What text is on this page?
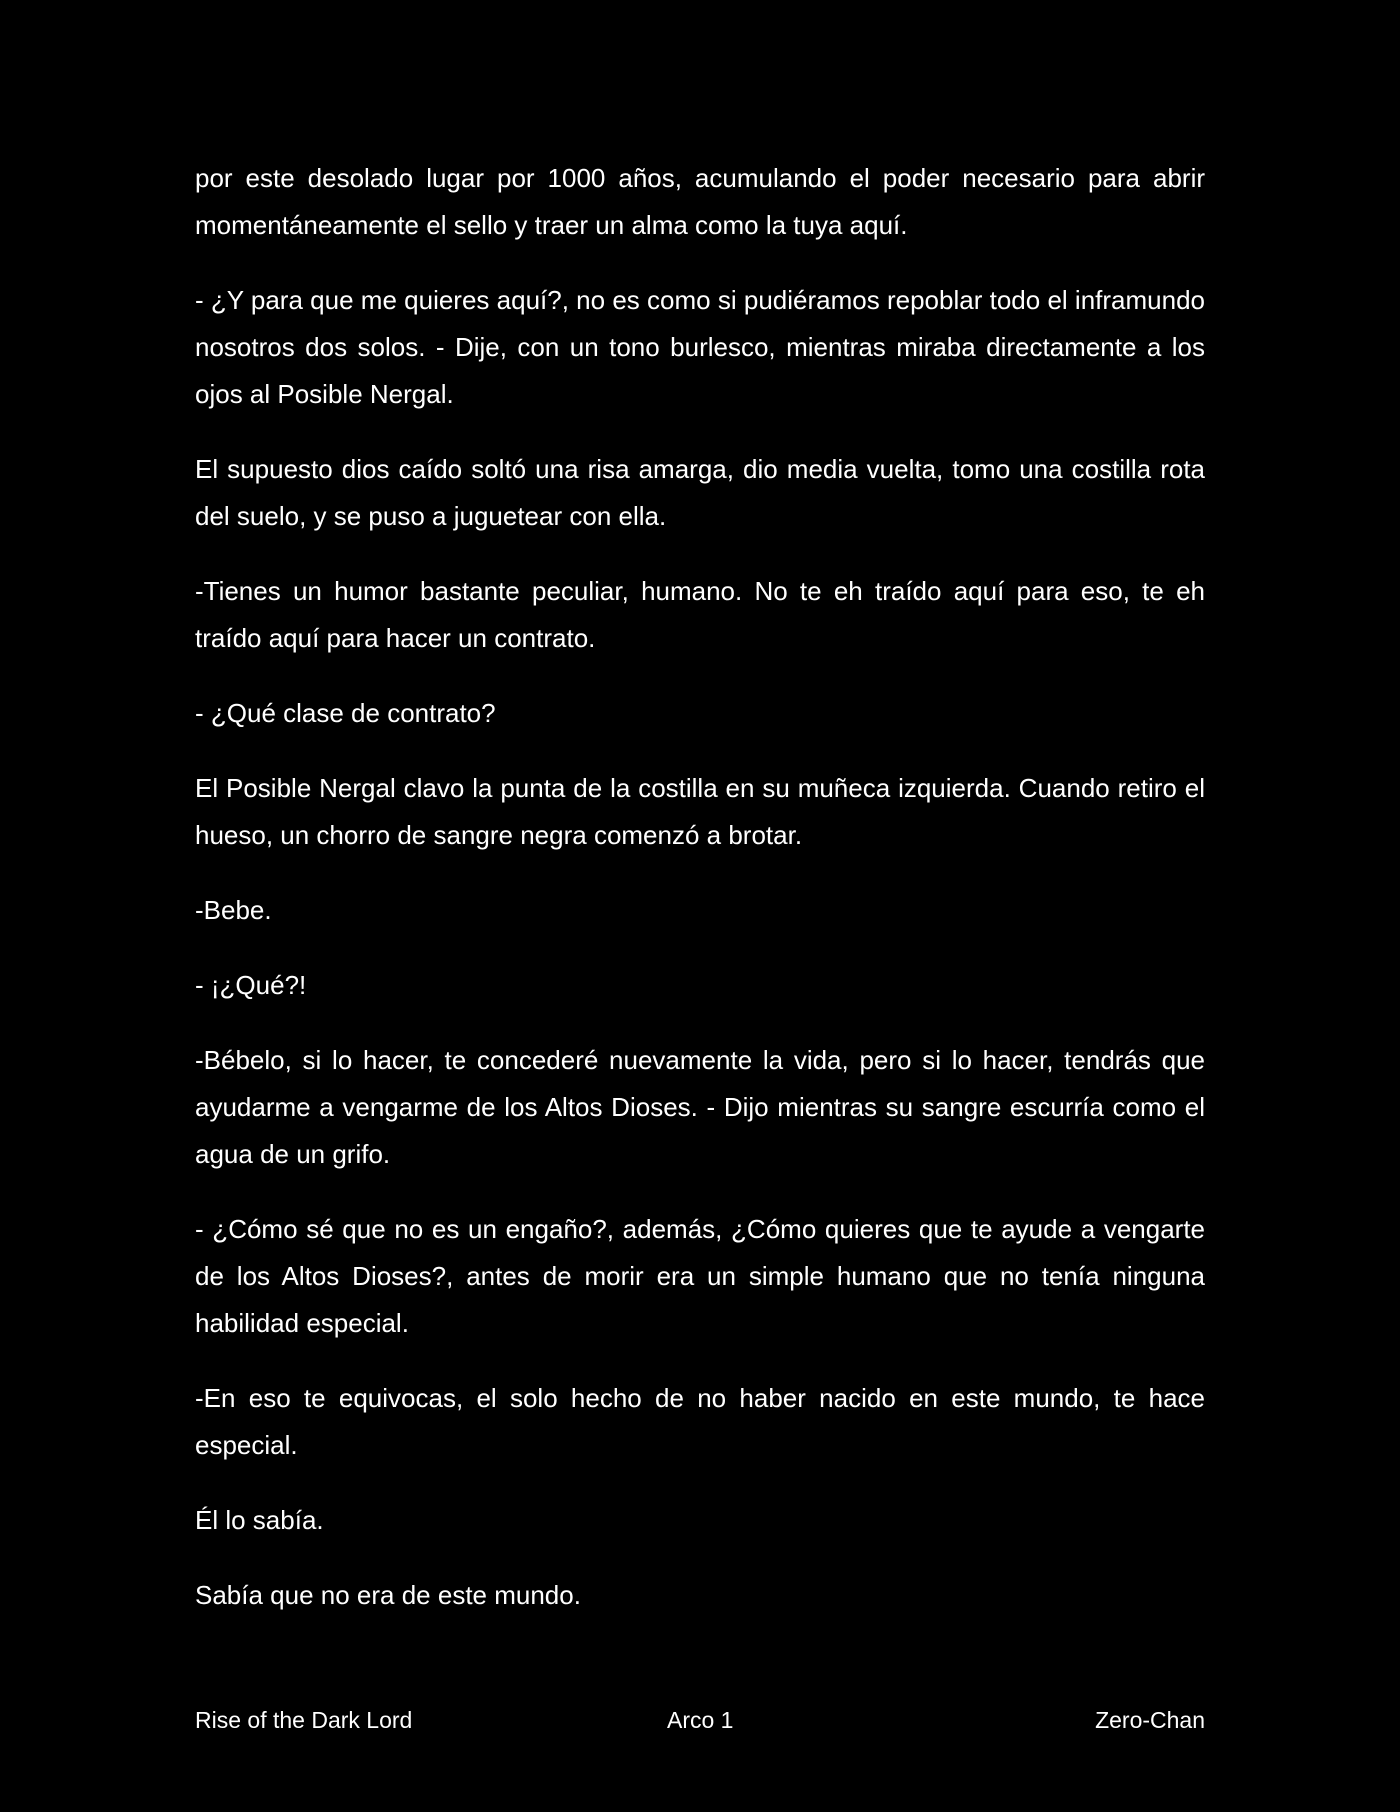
por este desolado lugar por 1000 años, acumulando el poder necesario para abrir momentáneamente el sello y traer un alma como la tuya aquí.

- ¿Y para que me quieres aquí?, no es como si pudiéramos repoblar todo el inframundo nosotros dos solos. - Dije, con un tono burlesco, mientras miraba directamente a los ojos al Posible Nergal.

El supuesto dios caído soltó una risa amarga, dio media vuelta, tomo una costilla rota del suelo, y se puso a juguetear con ella.

-Tienes un humor bastante peculiar, humano. No te eh traído aquí para eso, te eh traído aquí para hacer un contrato.

- ¿Qué clase de contrato?

El Posible Nergal clavo la punta de la costilla en su muñeca izquierda. Cuando retiro el hueso, un chorro de sangre negra comenzó a brotar.

-Bebe.

- ¡¿Qué?!

-Bébelo, si lo hacer, te concederé nuevamente la vida, pero si lo hacer, tendrás que ayudarme a vengarme de los Altos Dioses. - Dijo mientras su sangre escurría como el agua de un grifo.

- ¿Cómo sé que no es un engaño?, además, ¿Cómo quieres que te ayude a vengarte de los Altos Dioses?, antes de morir era un simple humano que no tenía ninguna habilidad especial.

-En eso te equivocas, el solo hecho de no haber nacido en este mundo, te hace especial.

Él lo sabía.

Sabía que no era de este mundo.

Rise of the Dark Lord	Arco 1	Zero-Chan
